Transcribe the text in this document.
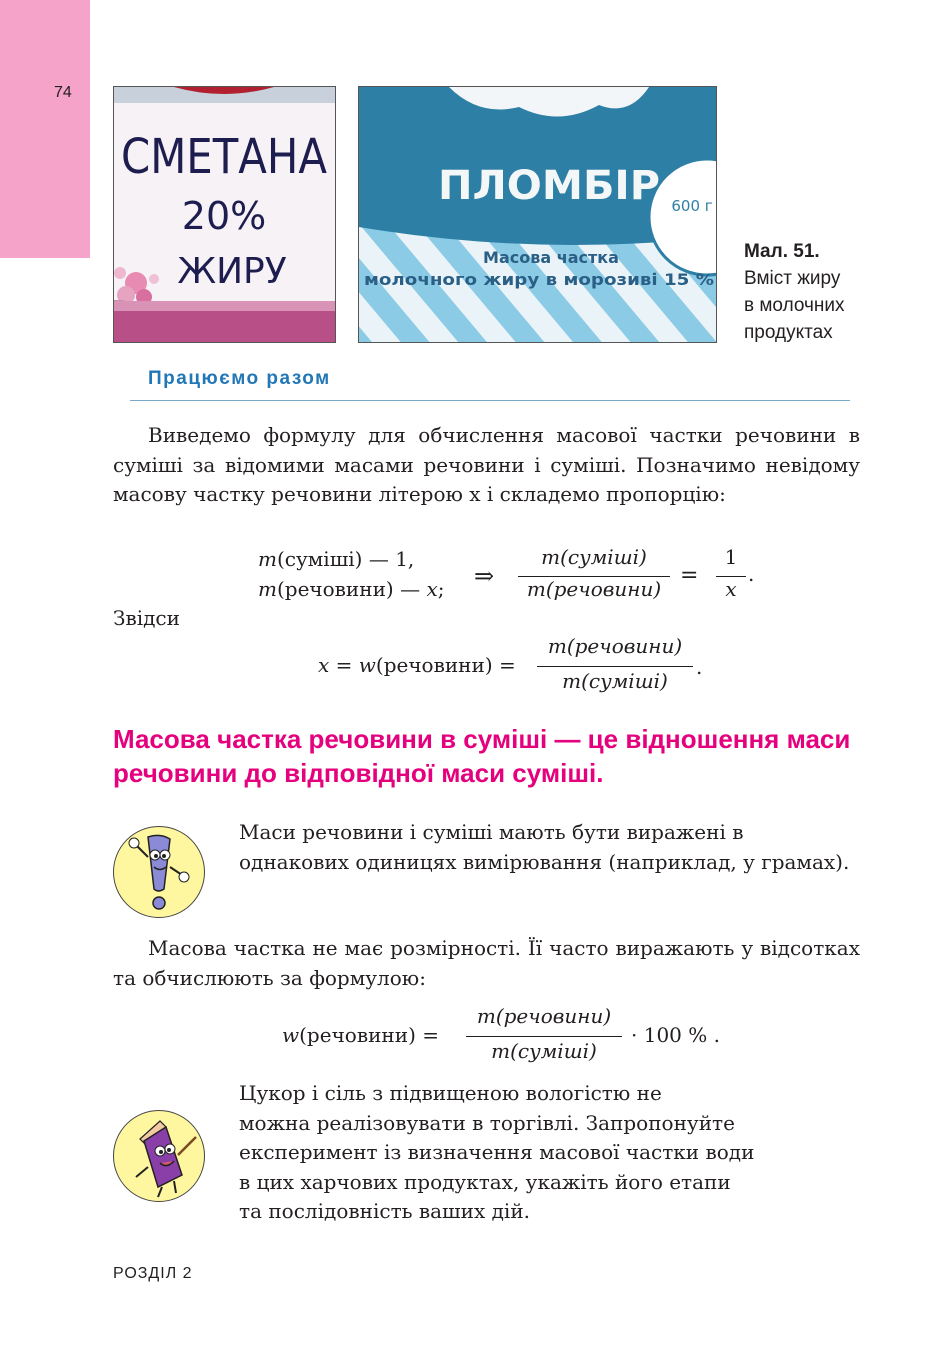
74
СМЕТАНА
20%
ЖИРУ
ПЛОМБІР 600 г
Масова частка
молочного жиру в морозиві 15 %
Мал. 51.
Вміст жиру
в молочних
продуктах
Працюємо разом
Виведемо формулу для обчислення масової частки речовини в суміші за відомими масами речовини і суміші. Позначимо невідому масову частку речовини літерою x і складемо пропорцію:
m(суміші) — 1,
m(речовини) — x; ⇒
m(суміші)
m(речовини)
=
1
x
.
Звідси
x = w(речовини) =
m(речовини)
m(суміші)
.
Масова частка речовини в суміші — це відношення маси речовини до відповідної маси суміші.
Маси речовини і суміші мають бути виражені в однакових одиницях вимірювання (наприклад, у грамах).
Масова частка не має розмірності. Її часто виражають у відсотках та обчислюють за формулою:
w(речовини) =
m(речовини)
m(суміші)
· 100 % .
Цукор і сіль з підвищеною вологістю не
можна реалізовувати в торгівлі. Запропонуйте
експеримент із визначення масової частки води
в цих харчових продуктах, укажіть його етапи
та послідовність ваших дій.
РОЗДІЛ 2
